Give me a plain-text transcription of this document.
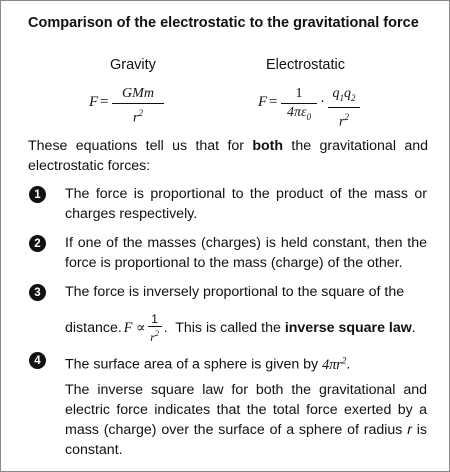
Comparison of the electrostatic to the gravitational force
Gravity	Electrostatic
F =
GMm
$r^2$
F =
1
$4\pi\varepsilon_0$
·
$q_1q_2$
$r^2$
These equations tell us that for both the gravitational and electrostatic forces:
1	The force is proportional to the product of the mass or charges respectively.
2	If one of the masses (charges) is held constant, then the force is proportional to the mass (charge) of the other.
3	The force is inversely proportional to the square of the
distance. F ∝
1
$r^2$ .  This is called the inverse square law .
4	The surface area of a sphere is given by $4\pi r^2$.
The inverse square law for both the gravitational and electric force indicates that the total force exerted by a mass (charge) over the surface of a sphere of radius r is constant.
